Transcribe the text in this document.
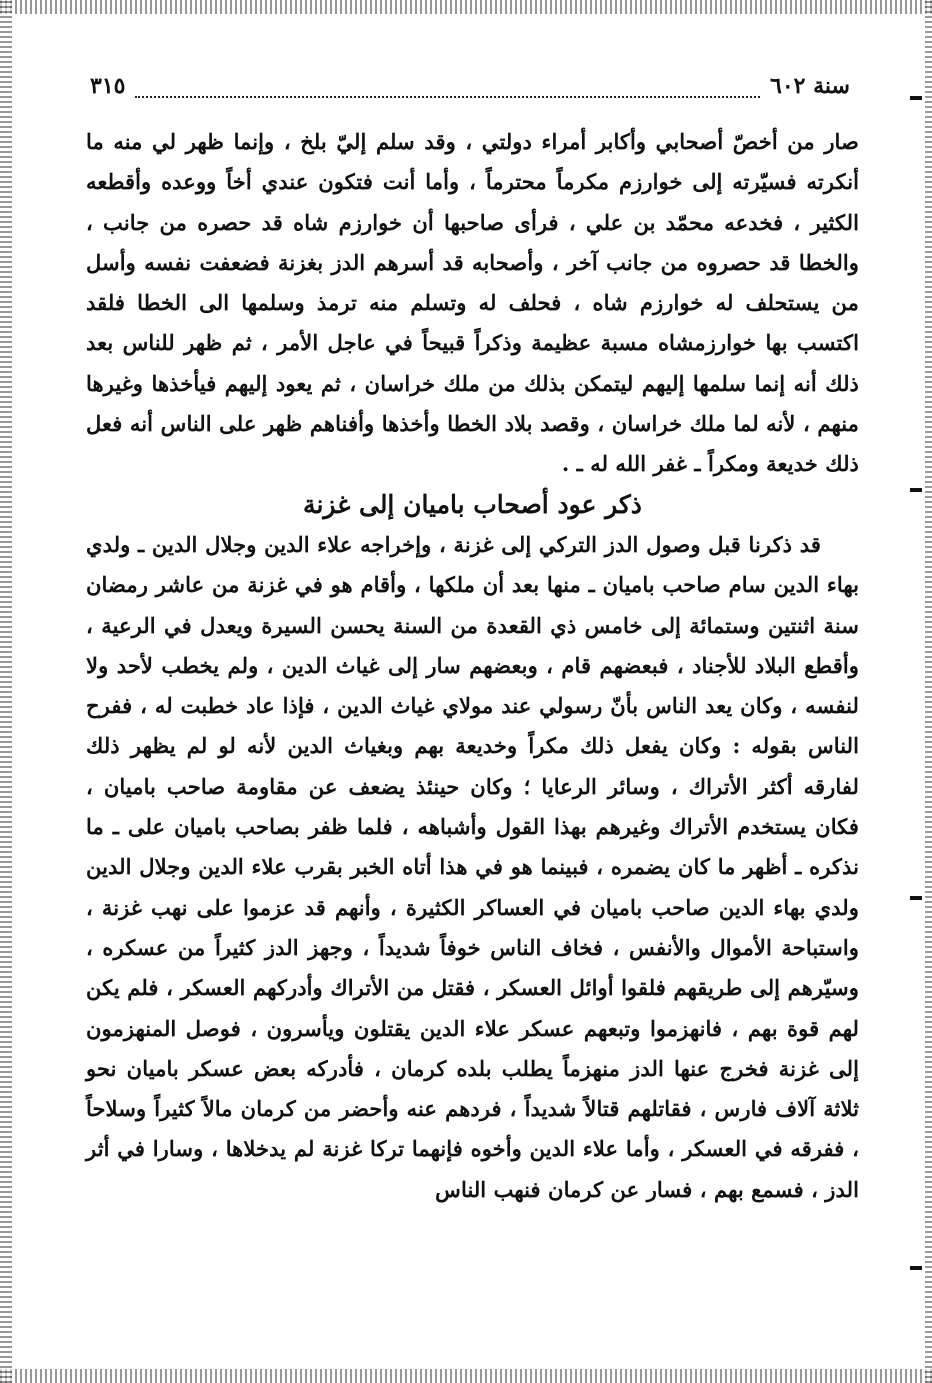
سنة ٦٠٢
٣١٥

صار من أخصّ أصحابي وأكابر أمراء دولتي ، وقد سلم إليّ بلخ ، وإنما ظهر لي منه ما أنكرته فسيّرته إلى خوارزم مكرماً محترماً ، وأما أنت فتكون عندي أخاً ووعده وأقطعه الكثير ، فخدعه محمّد بن علي ، فرأى صاحبها أن خوارزم شاه قد حصره من جانب ، والخطا قد حصروه من جانب آخر ، وأصحابه قد أسرهم الدز بغزنة فضعفت نفسه وأسل من يستحلف له خوارزم شاه ، فحلف له وتسلم منه ترمذ وسلمها الى الخطا فلقد اكتسب بها خوارزمشاه مسبة عظيمة وذكراً قبيحاً في عاجل الأمر ، ثم ظهر للناس بعد ذلك أنه إنما سلمها إليهم ليتمكن بذلك من ملك خراسان ، ثم يعود إليهم فيأخذها وغيرها منهم ، لأنه لما ملك خراسان ، وقصد بلاد الخطا وأخذها وأفناهم ظهر على الناس أنه فعل ذلك خديعة ومكراً ـ غفر الله له ـ .

ذكر عود أصحاب باميان إلى غزنة

قد ذكرنا قبل وصول الدز التركي إلى غزنة ، وإخراجه علاء الدين وجلال الدين ـ ولدي بهاء الدين سام صاحب باميان ـ منها بعد أن ملكها ، وأقام هو في غزنة من عاشر رمضان سنة اثنتين وستمائة إلى خامس ذي القعدة من السنة يحسن السيرة ويعدل في الرعية ، وأقطع البلاد للأجناد ، فبعضهم قام ، وبعضهم سار إلى غياث الدين ، ولم يخطب لأحد ولا لنفسه ، وكان يعد الناس بأنّ رسولي عند مولاي غياث الدين ، فإذا عاد خطبت له ، ففرح الناس بقوله : وكان يفعل ذلك مكراً وخديعة بهم وبغياث الدين لأنه لو لم يظهر ذلك لفارقه أكثر الأتراك ، وسائر الرعايا ؛ وكان حينئذ يضعف عن مقاومة صاحب باميان ، فكان يستخدم الأتراك وغيرهم بهذا القول وأشباهه ، فلما ظفر بصاحب باميان على ـ ما نذكره ـ أظهر ما كان يضمره ، فبينما هو في هذا أتاه الخبر بقرب علاء الدين وجلال الدين ولدي بهاء الدين صاحب باميان في العساكر الكثيرة ، وأنهم قد عزموا على نهب غزنة ، واستباحة الأموال والأنفس ، فخاف الناس خوفاً شديداً ، وجهز الدز كثيراً من عسكره ، وسيّرهم إلى طريقهم فلقوا أوائل العسكر ، فقتل من الأتراك وأدركهم العسكر ، فلم يكن لهم قوة بهم ، فانهزموا وتبعهم عسكر علاء الدين يقتلون ويأسرون ، فوصل المنهزمون إلى غزنة فخرج عنها الدز منهزماً يطلب بلده كرمان ، فأدركه بعض عسكر باميان نحو ثلاثة آلاف فارس ، فقاتلهم قتالاً شديداً ، فردهم عنه وأحضر من كرمان مالاً كثيراً وسلاحاً ، ففرقه في العسكر ، وأما علاء الدين وأخوه فإنهما تركا غزنة لم يدخلاها ، وسارا في أثر الدز ، فسمع بهم ، فسار عن كرمان فنهب الناس
